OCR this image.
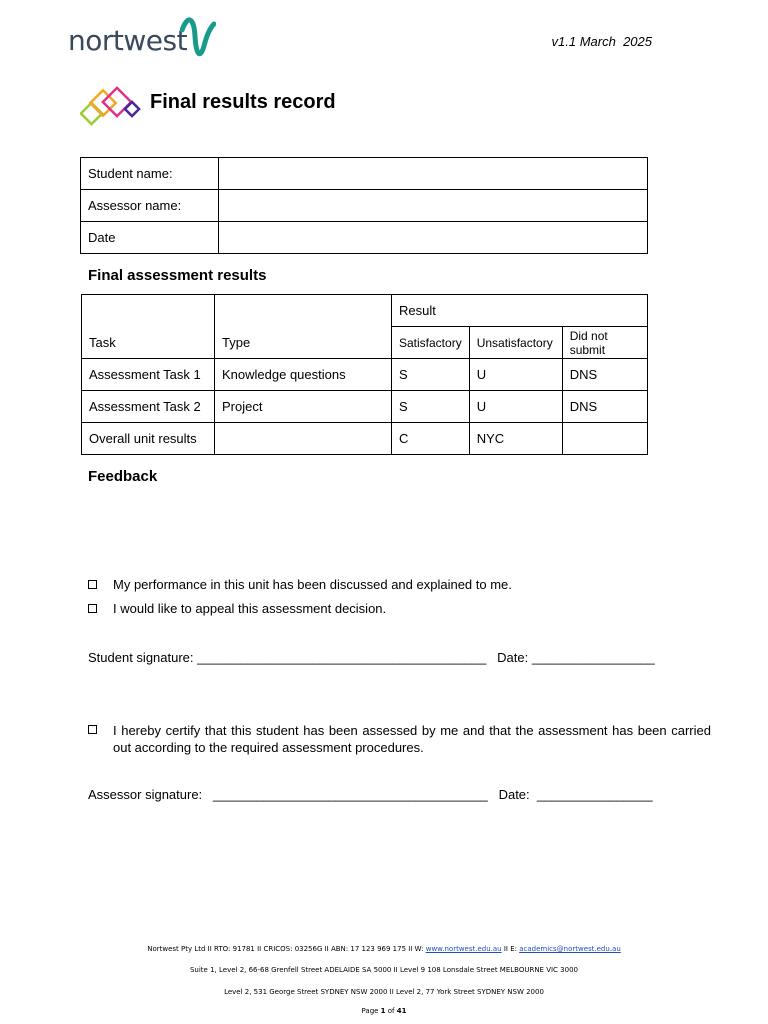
nortwest	v1.1 March  2025
Final results record
Student name:	
Assessor name:	
Date	
Final assessment results
Task	Type	Result		
		Satisfactory	Unsatisfactory	Did not submit
Assessment Task 1	Knowledge questions	S	U	DNS
Assessment Task 2	Project	S	U	DNS
Overall unit results		C	NYC	
Feedback
My performance in this unit has been discussed and explained to me.
I would like to appeal this assessment decision.
Student signature: ________________________________________   Date: _________________
I hereby certify that this student has been assessed by me and that the assessment has been carried out according to the required assessment procedures.
Assessor signature:   ______________________________________   Date:  ________________
Nortwest Pty Ltd II RTO: 91781 II CRICOS: 03256G II ABN: 17 123 969 175 II W: www.nortwest.edu.au II E: academics@nortwest.edu.au
Suite 1, Level 2, 66-68 Grenfell Street ADELAIDE SA 5000 II Level 9 108 Lonsdale Street MELBOURNE VIC 3000
Level 2, 531 George Street SYDNEY NSW 2000 II Level 2, 77 York Street SYDNEY NSW 2000
Page 1 of 41
